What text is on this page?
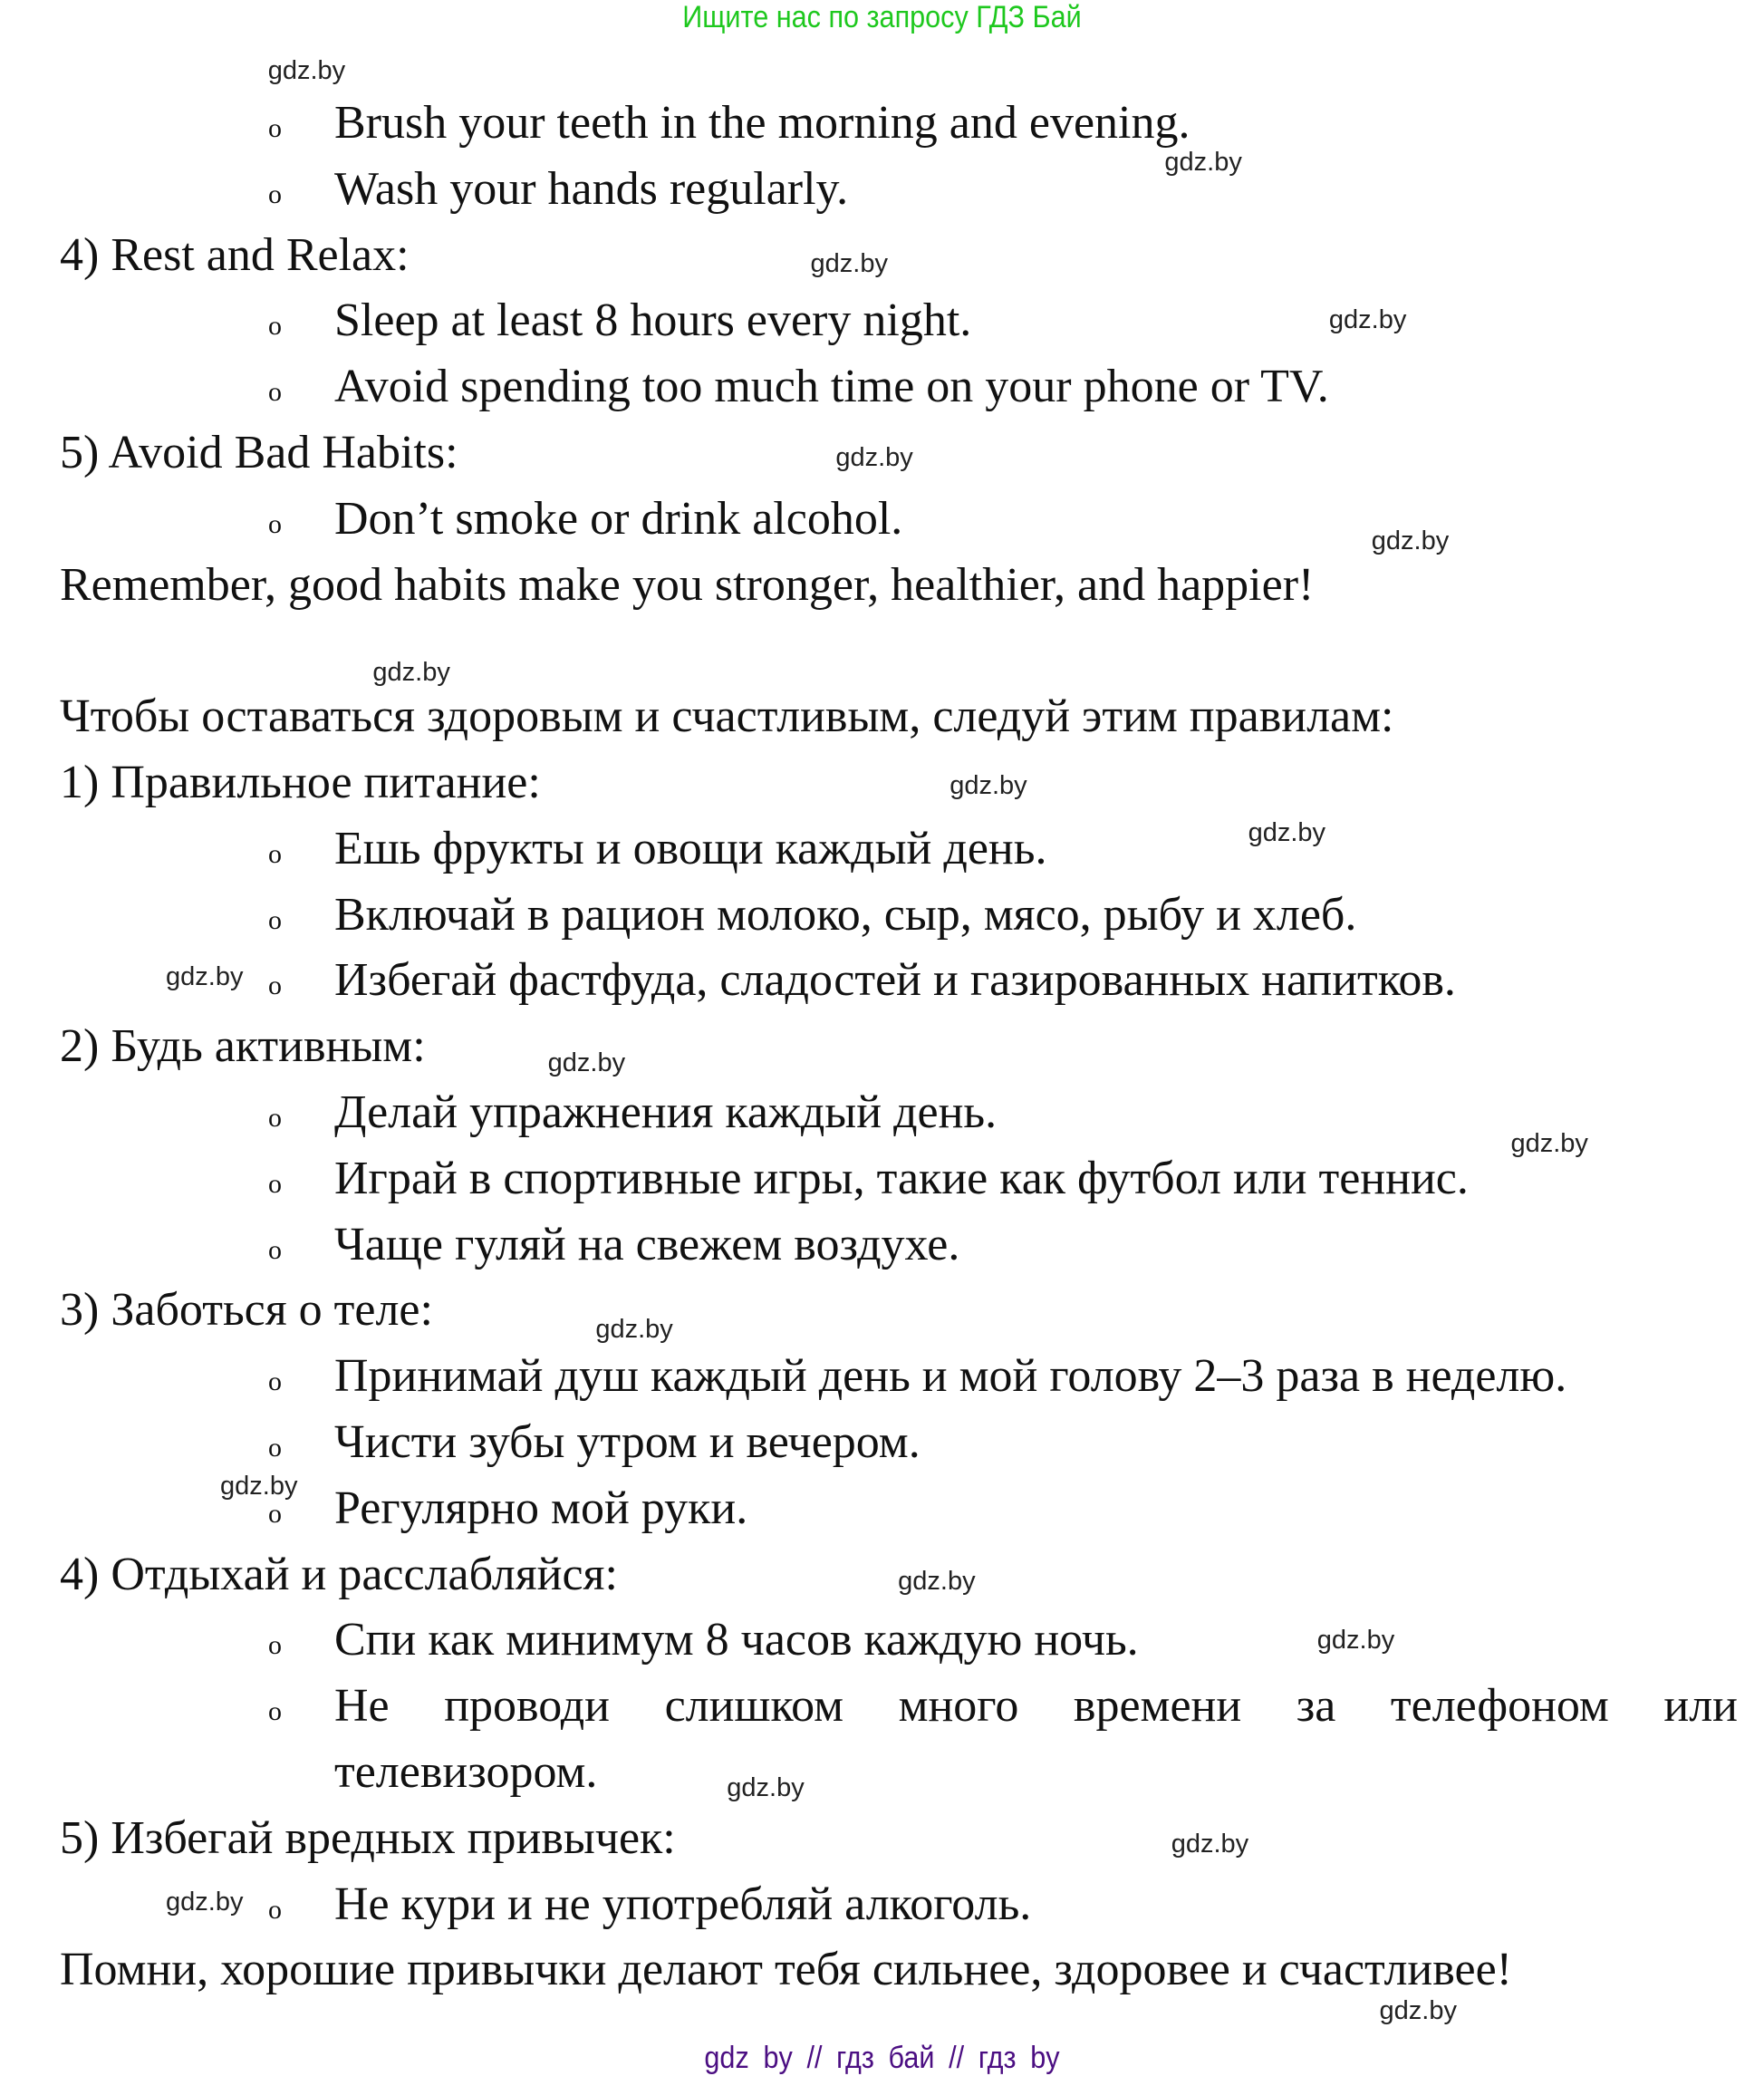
Ищите нас по запросу ГДЗ Бай
o Brush your teeth in the morning and evening.
o Wash your hands regularly.
4) Rest and Relax:
o Sleep at least 8 hours every night.
o Avoid spending too much time on your phone or TV.
5) Avoid Bad Habits:
o Don’t smoke or drink alcohol.
Remember, good habits make you stronger, healthier, and happier!
Чтобы оставаться здоровым и счастливым, следуй этим правилам:
1) Правильное питание:
o Ешь фрукты и овощи каждый день.
o Включай в рацион молоко, сыр, мясо, рыбу и хлеб.
o Избегай фастфуда, сладостей и газированных напитков.
2) Будь активным:
o Делай упражнения каждый день.
o Играй в спортивные игры, такие как футбол или теннис.
o Чаще гуляй на свежем воздухе.
3) Заботься о теле:
o Принимай душ каждый день и мой голову 2–3 раза в неделю.
o Чисти зубы утром и вечером.
o Регулярно мой руки.
4) Отдыхай и расслабляйся:
o Спи как минимум 8 часов каждую ночь.
o Не проводи слишком много времени за телефоном или
телевизором.
5) Избегай вредных привычек:
o Не кури и не употребляй алкоголь.
Помни, хорошие привычки делают тебя сильнее, здоровее и счастливее!
gdz.by
gdz.by
gdz.by
gdz.by
gdz.by
gdz.by
gdz.by
gdz.by
gdz.by
gdz.by
gdz.by
gdz.by
gdz.by
gdz.by
gdz.by
gdz.by
gdz.by
gdz.by
gdz.by
gdz.by
gdz by // гдз бай // гдз by
